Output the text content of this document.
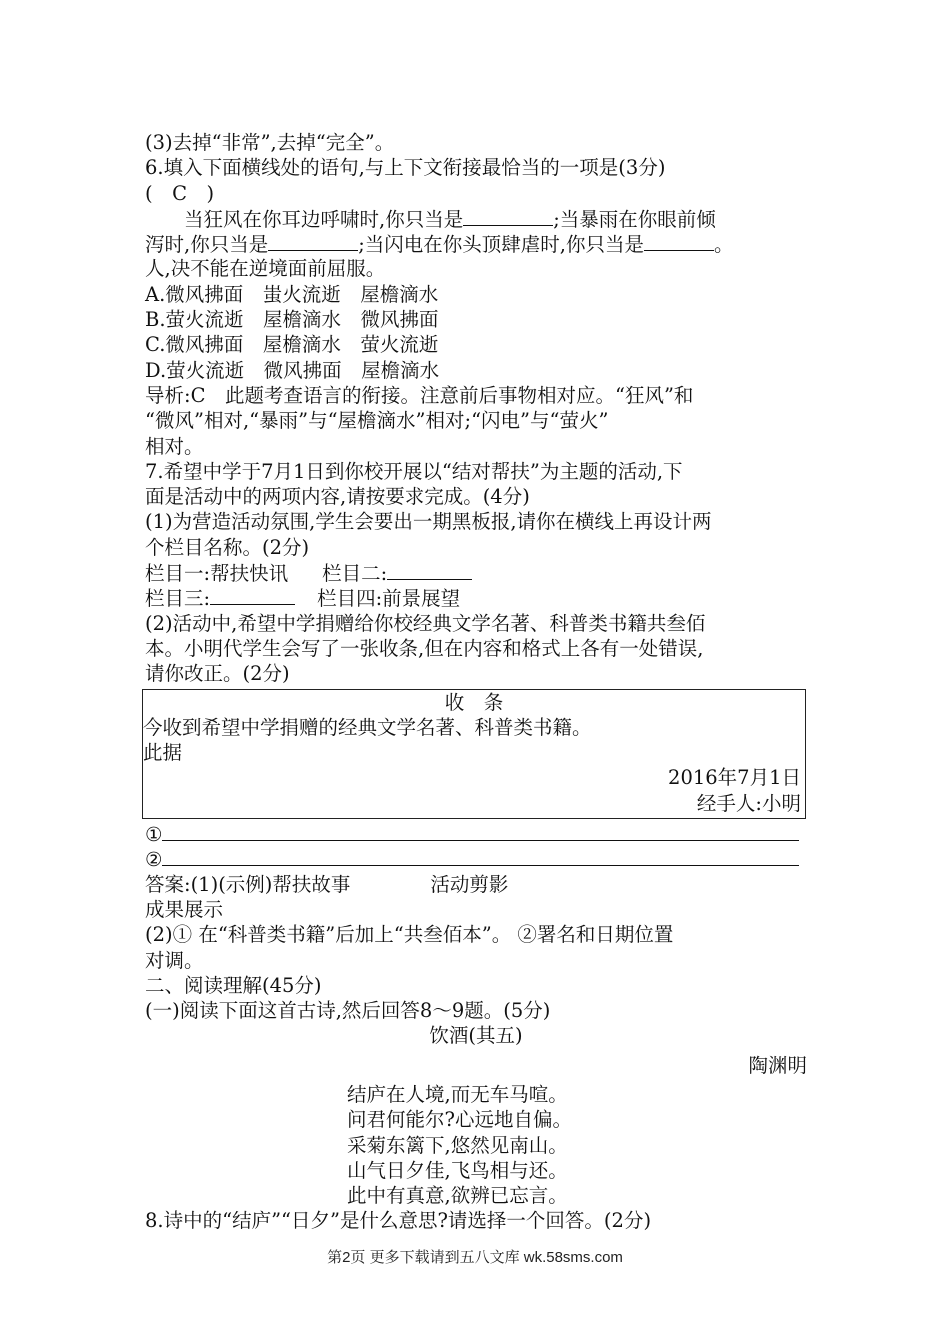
(3)去掉“非常”,去掉“完全”。
6.填入下面横线处的语句,与上下文衔接最恰当的一项是(3分)
(　C　)
当狂风在你耳边呼啸时,你只当是	;当暴雨在你眼前倾
泻时,你只当是	;当闪电在你头顶肆虐时,你只当是	。
人,决不能在逆境面前屈服。
A.微风拂面　蚩火流逝　屋檐滴水
B.萤火流逝　屋檐滴水　微风拂面
C.微风拂面　屋檐滴水　萤火流逝
D.萤火流逝　微风拂面　屋檐滴水
导析:C　此题考查语言的衔接。注意前后事物相对应。“狂风”和
“微风”相对,“暴雨”与“屋檐滴水”相对;“闪电”与“萤火”
相对。
7.希望中学于7月1日到你校开展以“结对帮扶”为主题的活动,下
面是活动中的两项内容,请按要求完成。(4分)
(1)为营造活动氛围,学生会要出一期黑板报,请你在横线上再设计两
个栏目名称。(2分)
栏目一:帮扶快讯 栏目二:
栏目三:	栏目四:前景展望
(2)活动中,希望中学捐赠给你校经典文学名著、科普类书籍共叁佰
本。小明代学生会写了一张收条,但在内容和格式上各有一处错误,
请你改正。(2分)
收　条
今收到希望中学捐赠的经典文学名著、科普类书籍。
此据
2016年7月1日
经手人:小明
①
②
答案:(1)(示例)帮扶故事	活动剪影
成果展示
(2)① 在“科普类书籍”后加上“共叁佰本”。 ②署名和日期位置
对调。
二、阅读理解(45分)
(一)阅读下面这首古诗,然后回答8～9题。(5分)
饮酒(其五)
陶渊明
结庐在人境,而无车马喧。
问君何能尔?心远地自偏。
采菊东篱下,悠然见南山。
山气日夕佳,飞鸟相与还。
此中有真意,欲辨已忘言。
8.诗中的“结庐”“日夕”是什么意思?请选择一个回答。(2分)
第2页 更多下载请到五八文库 wk.58sms.com
